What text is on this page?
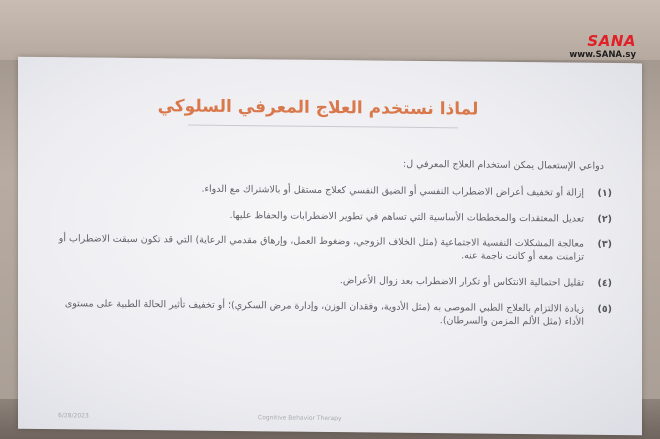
SANA
www.SANA.sy
لماذا نستخدم العلاج المعرفي السلوكي
دواعي الإستعمال يمكن استخدام العلاج المعرفي ل:
(١)
إزالة أو تخفيف أعراض الاضطراب النفسي أو الضيق النفسي كعلاج مستقل أو بالاشتراك مع الدواء.
(٢)
تعديل المعتقدات والمخططات الأساسية التي تساهم في تطوير الاضطرابات والحفاظ عليها.
(٣)
معالجة المشكلات النفسية الاجتماعية (مثل الخلاف الزوجي، وضغوط العمل، وإرهاق مقدمي الرعاية) التي قد تكون سبقت الاضطراب أو تزامنت معه أو كانت ناجمة عنه.
(٤)
تقليل احتمالية الانتكاس أو تكرار الاضطراب بعد زوال الأعراض.
(٥)
زيادة الالتزام بالعلاج الطبي الموصى به (مثل الأدوية، وفقدان الوزن، وإدارة مرض السكري)؛ أو تخفيف تأثير الحالة الطبية على مستوى الأداء (مثل الألم المزمن والسرطان).
6/28/2023	Cognitive Behavior Therapy
